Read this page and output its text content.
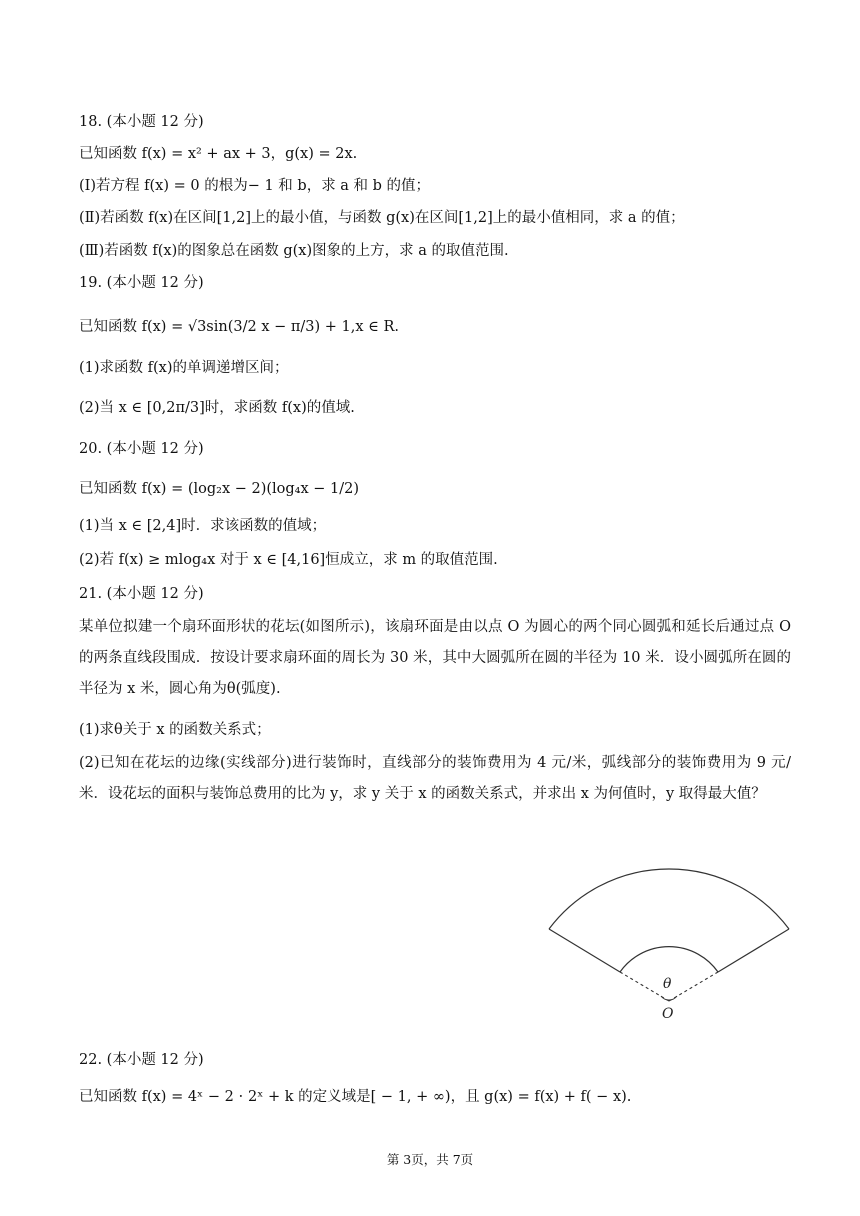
18. (本小题 12 分)
已知函数 f(x) = x² + ax + 3，g(x) = 2x.
(Ⅰ)若方程 f(x) = 0 的根为− 1 和 b，求 a 和 b 的值；
(Ⅱ)若函数 f(x)在区间[1,2]上的最小值，与函数 g(x)在区间[1,2]上的最小值相同，求 a 的值；
(Ⅲ)若函数 f(x)的图象总在函数 g(x)图象的上方，求 a 的取值范围.
19. (本小题 12 分)
已知函数 f(x) = √3sin(3/2 x − π/3) + 1,x ∈ R.
(1)求函数 f(x)的单调递增区间；
(2)当 x ∈ [0,2π/3]时，求函数 f(x)的值域.
20. (本小题 12 分)
已知函数 f(x) = (log₂x − 2)(log₄x − 1/2)
(1)当 x ∈ [2,4]时．求该函数的值域；
(2)若 f(x) ≥ mlog₄x 对于 x ∈ [4,16]恒成立，求 m 的取值范围.
21. (本小题 12 分)
某单位拟建一个扇环面形状的花坛(如图所示)，该扇环面是由以点 O 为圆心的两个同心圆弧和延长后通过点 O 的两条直线段围成．按设计要求扇环面的周长为 30 米，其中大圆弧所在圆的半径为 10 米．设小圆弧所在圆的半径为 x 米，圆心角为θ(弧度).
(1)求θ关于 x 的函数关系式；
(2)已知在花坛的边缘(实线部分)进行装饰时，直线部分的装饰费用为 4 元/米，弧线部分的装饰费用为 9 元/米．设花坛的面积与装饰总费用的比为 y，求 y 关于 x 的函数关系式，并求出 x 为何值时，y 取得最大值？
θ
O
22. (本小题 12 分)
已知函数 f(x) = 4ˣ − 2 ⋅ 2ˣ + k 的定义域是[ − 1, + ∞)，且 g(x) = f(x) + f( − x).
第 3页，共 7页
